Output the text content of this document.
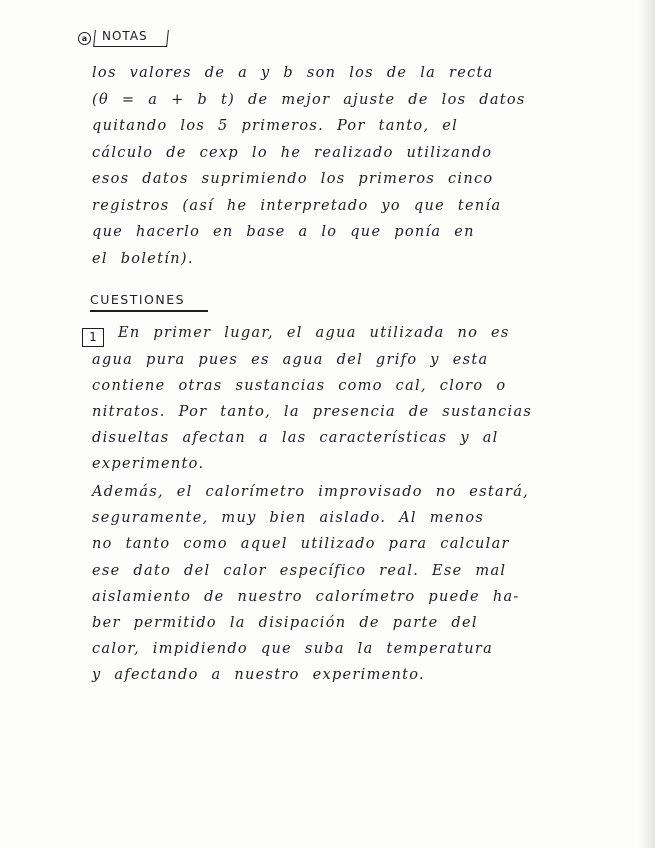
a	NOTAS
los valores de a y b son los de la recta
(θ = a + b t) de mejor ajuste de los datos
quitando los 5 primeros. Por tanto, el
cálculo de cexp lo he realizado utilizando
esos datos suprimiendo los primeros cinco
registros (así he interpretado yo que tenía
que hacerlo en base a lo que ponía en
el boletín).
CUESTIONES
1	En primer lugar, el agua utilizada no es
agua pura pues es agua del grifo y esta
contiene otras sustancias como cal, cloro o
nitratos. Por tanto, la presencia de sustancias
disueltas afectan a las características y al
experimento.
Además, el calorímetro improvisado no estará,
seguramente, muy bien aislado. Al menos
no tanto como aquel utilizado para calcular
ese dato del calor específico real. Ese mal
aislamiento de nuestro calorímetro puede ha-
ber permitido la disipación de parte del
calor, impidiendo que suba la temperatura
y afectando a nuestro experimento.
